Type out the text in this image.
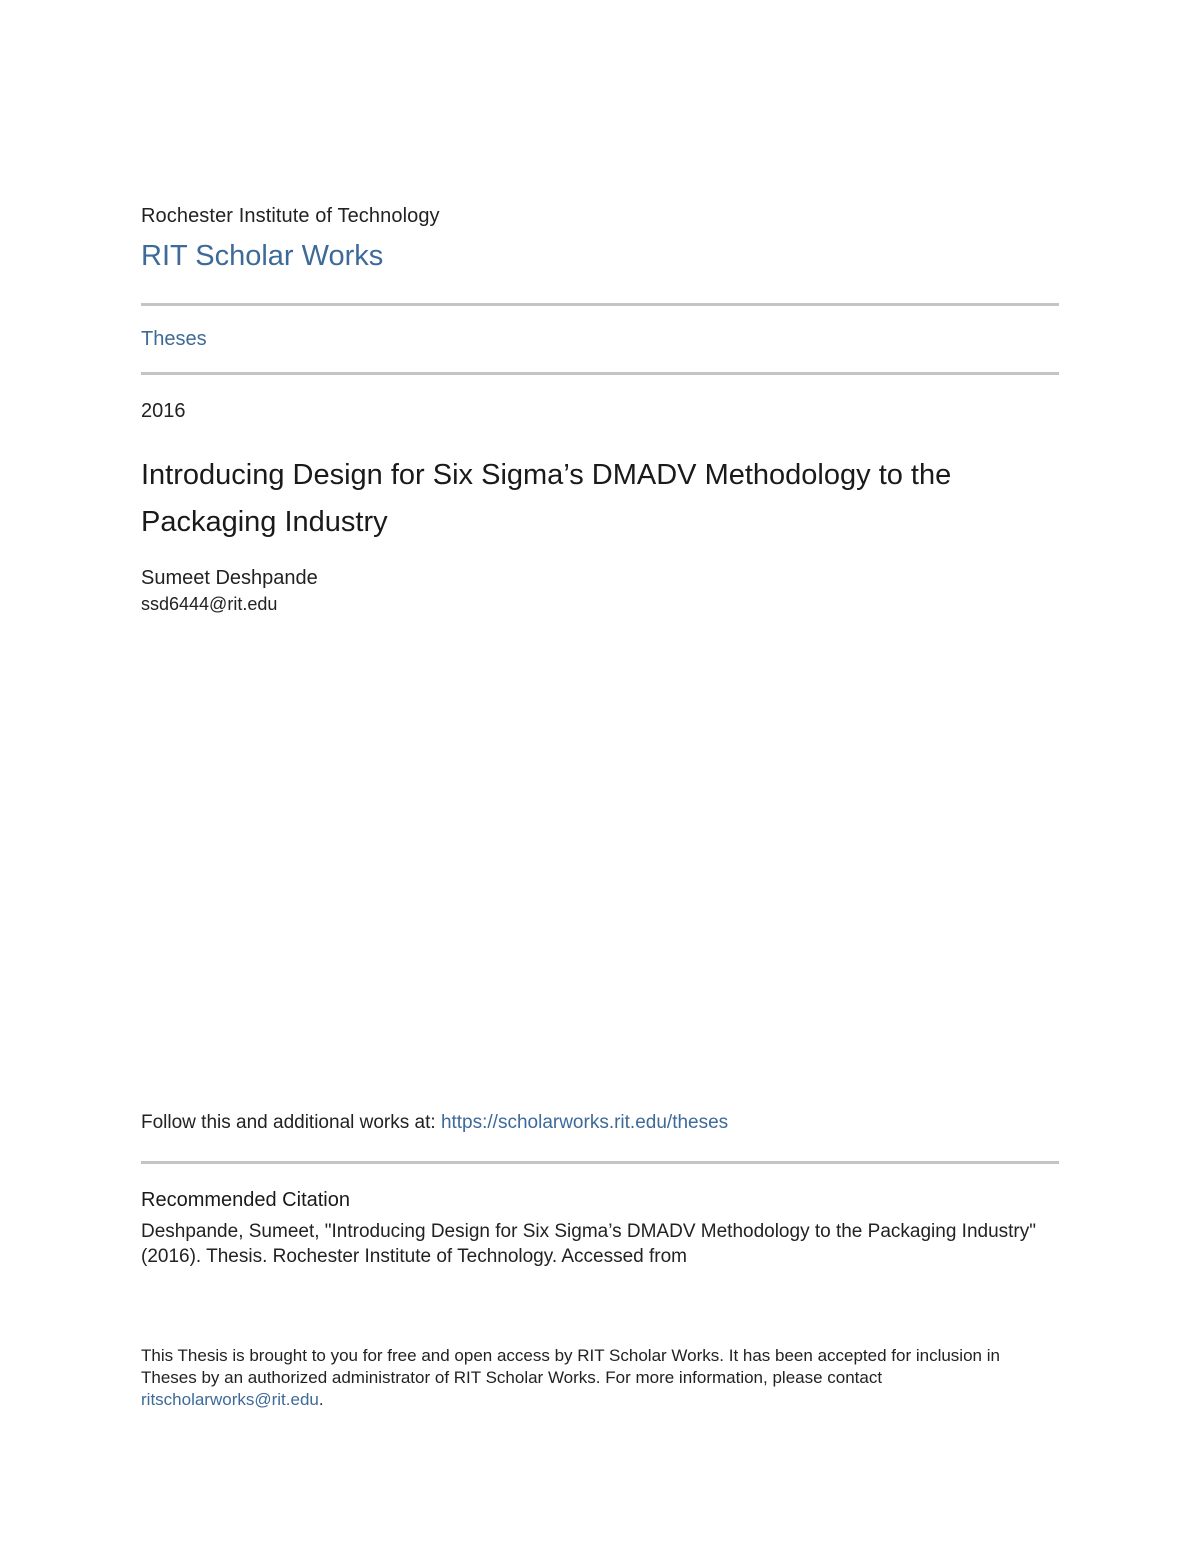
Rochester Institute of Technology
RIT Scholar Works
Theses
2016
Introducing Design for Six Sigma’s DMADV Methodology to the Packaging Industry
Sumeet Deshpande
ssd6444@rit.edu
Follow this and additional works at: https://scholarworks.rit.edu/theses
Recommended Citation
Deshpande, Sumeet, "Introducing Design for Six Sigma’s DMADV Methodology to the Packaging Industry" (2016). Thesis. Rochester Institute of Technology. Accessed from
This Thesis is brought to you for free and open access by RIT Scholar Works. It has been accepted for inclusion in Theses by an authorized administrator of RIT Scholar Works. For more information, please contact ritscholarworks@rit.edu.
